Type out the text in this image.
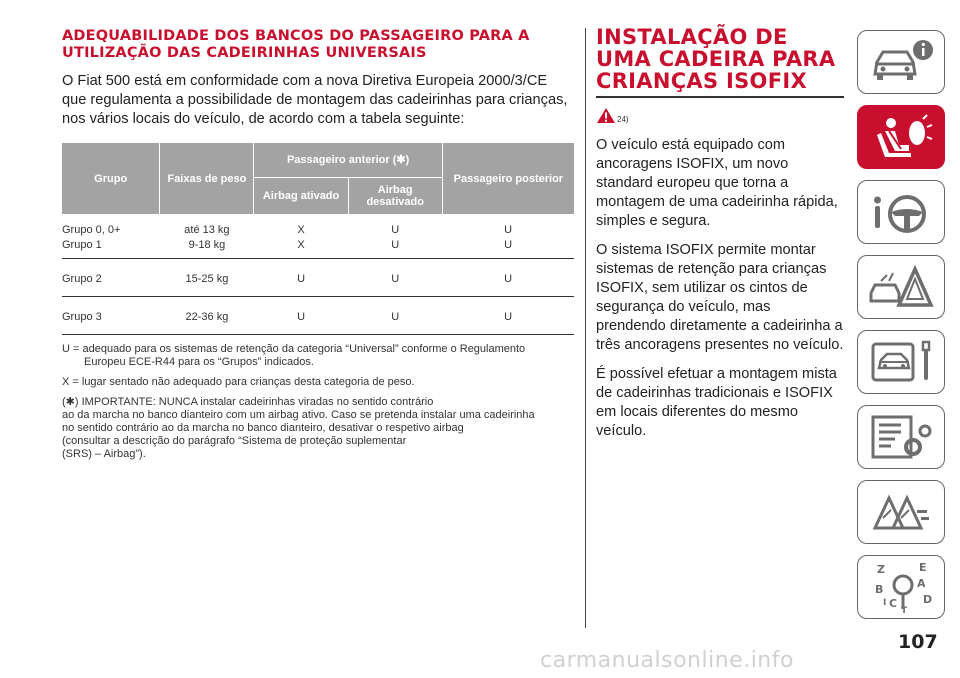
ADEQUABILIDADE DOS BANCOS DO PASSAGEIRO PARA A UTILIZAÇÃO DAS CADEIRINHAS UNIVERSAIS

O Fiat 500 está em conformidade com a nova Diretiva Europeia 2000/3/CE que regulamenta a possibilidade de montagem das cadeirinhas para crianças, nos vários locais do veículo, de acordo com a tabela seguinte:

Grupo	Faixas de peso	Passageiro anterior (✱)		Passageiro posterior
		Airbag ativado	Airbag desativado	
Grupo 0, 0+	até 13 kg	X	U	U
Grupo 1	9-18 kg	X	U	U
Grupo 2	15-25 kg	U	U	U
Grupo 3	22-36 kg	U	U	U

U = adequado para os sistemas de retenção da categoria “Universal” conforme o Regulamento
Europeu ECE-R44 para os “Grupos” indicados.

X = lugar sentado não adequado para crianças desta categoria de peso.

(✱) IMPORTANTE: NUNCA instalar cadeirinhas viradas no sentido contrário
ao da marcha no banco dianteiro com um airbag ativo. Caso se pretenda instalar uma cadeirinha
no sentido contrário ao da marcha no banco dianteiro, desativar o respetivo airbag
(consultar a descrição do parágrafo “Sistema de proteção suplementar
(SRS) – Airbag”).

INSTALAÇÃO DE
UMA CADEIRA PARA
CRIANÇAS ISOFIX
24)

O veículo está equipado com ancoragens ISOFIX, um novo standard europeu que torna a montagem de uma cadeirinha rápida, simples e segura.

O sistema ISOFIX permite montar sistemas de retenção para crianças ISOFIX, sem utilizar os cintos de segurança do veículo, mas prendendo diretamente a cadeirinha a três ancoragens presentes no veículo.

É possível efetuar a montagem mista de cadeirinhas tradicionais e ISOFIX em locais diferentes do mesmo veículo.

Z	E
B	A
C D
T
I
107
carmanualsonline.info
